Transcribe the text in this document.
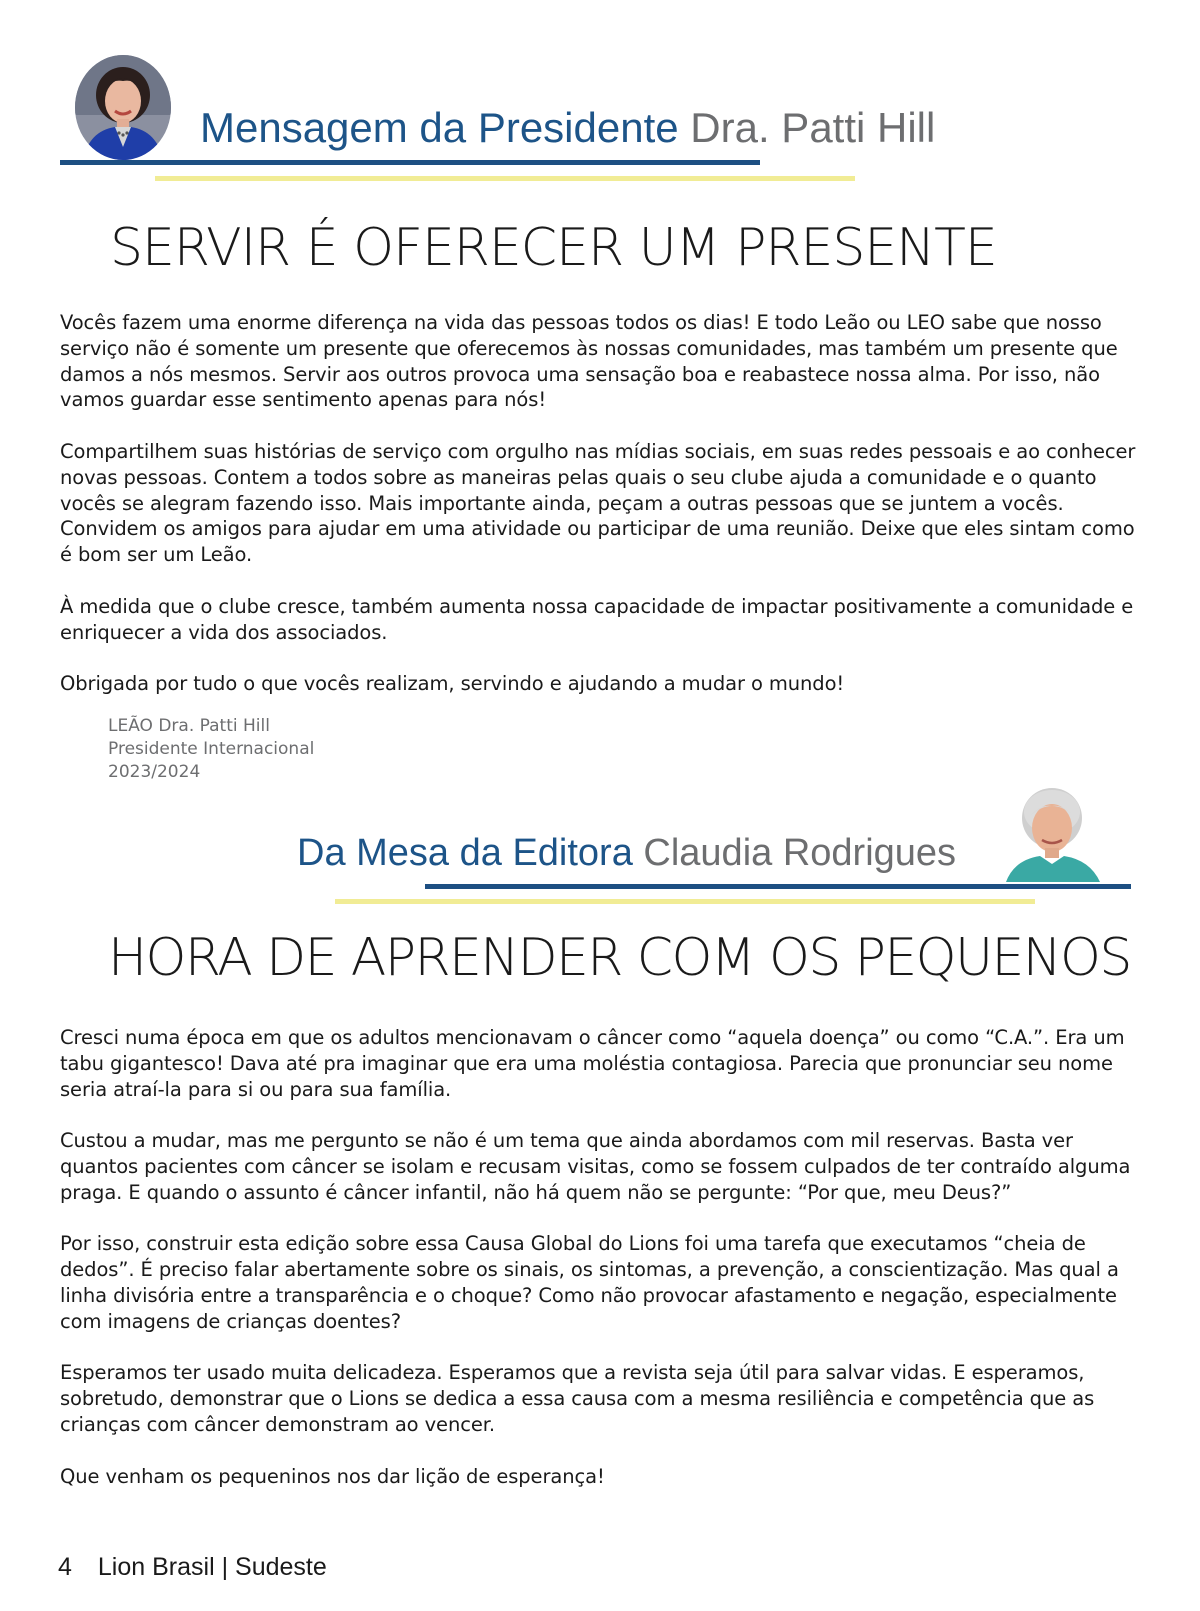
Mensagem da Presidente Dra. Patti Hill
SERVIR É OFERECER UM PRESENTE

Vocês fazem uma enorme diferença na vida das pessoas todos os dias! E todo Leão ou LEO sabe que nosso serviço não é somente um presente que oferecemos às nossas comunidades, mas também um presente que damos a nós mesmos. Servir aos outros provoca uma sensação boa e reabastece nossa alma. Por isso, não vamos guardar esse sentimento apenas para nós!

Compartilhem suas histórias de serviço com orgulho nas mídias sociais, em suas redes pessoais e ao conhecer novas pessoas. Contem a todos sobre as maneiras pelas quais o seu clube ajuda a comunidade e o quanto vocês se alegram fazendo isso. Mais importante ainda, peçam a outras pessoas que se juntem a vocês. Convidem os amigos para ajudar em uma atividade ou participar de uma reunião. Deixe que eles sintam como é bom ser um Leão.

À medida que o clube cresce, também aumenta nossa capacidade de impactar positivamente a comunidade e enriquecer a vida dos associados.

Obrigada por tudo o que vocês realizam, servindo e ajudando a mudar o mundo!

LEÃO Dra. Patti Hill
Presidente Internacional
2023/2024
Da Mesa da Editora Claudia Rodrigues
HORA DE APRENDER COM OS PEQUENOS

Cresci numa época em que os adultos mencionavam o câncer como “aquela doença” ou como “C.A.”. Era um tabu gigantesco! Dava até pra imaginar que era uma moléstia contagiosa. Parecia que pronunciar seu nome seria atraí-la para si ou para sua família.

Custou a mudar, mas me pergunto se não é um tema que ainda abordamos com mil reservas. Basta ver quantos pacientes com câncer se isolam e recusam visitas, como se fossem culpados de ter contraído alguma praga. E quando o assunto é câncer infantil, não há quem não se pergunte: “Por que, meu Deus?”

Por isso, construir esta edição sobre essa Causa Global do Lions foi uma tarefa que executamos “cheia de dedos”. É preciso falar abertamente sobre os sinais, os sintomas, a prevenção, a conscientização. Mas qual a linha divisória entre a transparência e o choque? Como não provocar afastamento e negação, especialmente com imagens de crianças doentes?

Esperamos ter usado muita delicadeza. Esperamos que a revista seja útil para salvar vidas. E esperamos, sobretudo, demonstrar que o Lions se dedica a essa causa com a mesma resiliência e competência que as crianças com câncer demonstram ao vencer.

Que venham os pequeninos nos dar lição de esperança!

4 Lion Brasil | Sudeste
